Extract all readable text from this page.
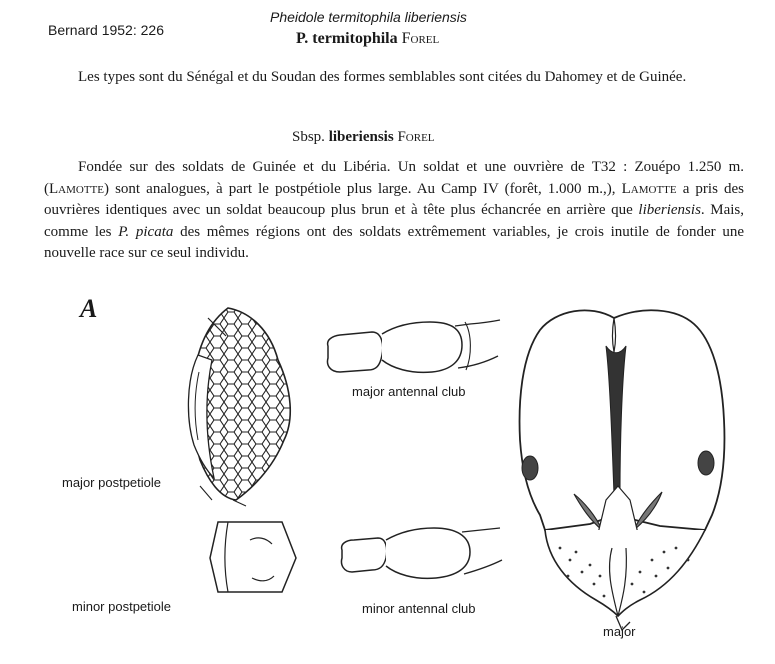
Bernard 1952: 226
Pheidole termitophila liberiensis
P. termitophila Forel
Les types sont du Sénégal et du Soudan des formes semblables sont citées du Dahomey et de Guinée.
Sbsp. liberiensis Forel
Fondée sur des soldats de Guinée et du Libéria. Un soldat et une ouvrière de T32 : Zouépo 1.250 m. (Lamotte) sont analogues, à part le postpétiole plus large. Au Camp IV (forêt, 1.000 m.,), Lamotte a pris des ouvrières identiques avec un soldat beaucoup plus brun et à tête plus échancrée en arrière que liberiensis. Mais, comme les P. picata des mêmes régions ont des soldats extrêmement variables, je crois inutile de fonder une nouvelle race sur ce seul individu.
A
major postpetiole
major antennal club
minor postpetiole	minor antennal club
major
